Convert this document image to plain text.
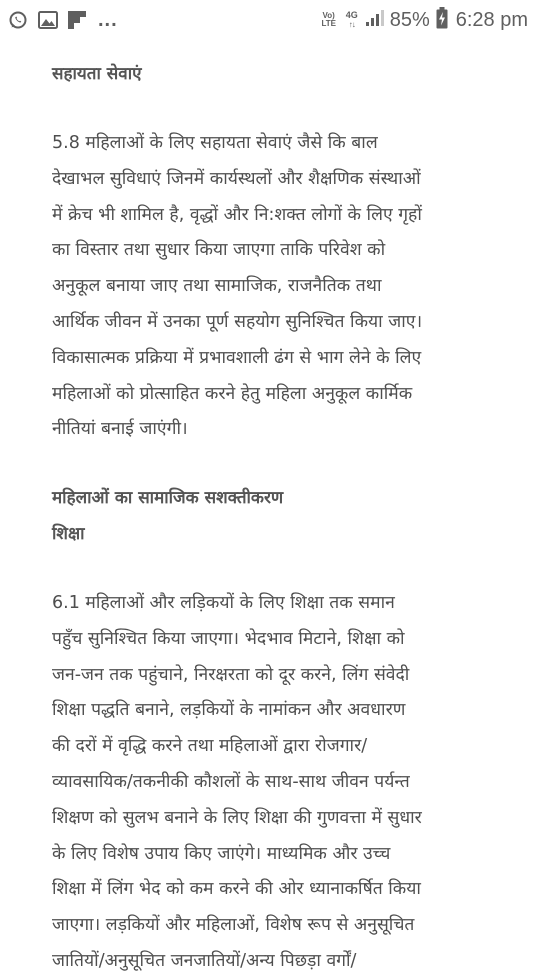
...	Vo)
LTE
4G
↑↓ 85% 6:28 pm
सहायता सेवाएं
5.8 महिलाओं के लिए सहायता सेवाएं जैसे कि बाल
देखाभल सुविधाएं जिनमें कार्यस्थलों और शैक्षणिक संस्थाओं
में क्रेच भी शामिल है, वृद्धों और नि:शक्त लोगों के लिए गृहों
का विस्तार तथा सुधार किया जाएगा ताकि परिवेश को
अनुकूल बनाया जाए तथा सामाजिक, राजनैतिक तथा
आर्थिक जीवन में उनका पूर्ण सहयोग सुनिश्चित किया जाए।
विकासात्मक प्रक्रिया में प्रभावशाली ढंग से भाग लेने के लिए
महिलाओं को प्रोत्साहित करने हेतु महिला अनुकूल कार्मिक
नीतियां बनाई जाएंगी।
महिलाओं का सामाजिक सशक्तीकरण
शिक्षा
6.1 महिलाओं और लड़िकयों के लिए शिक्षा तक समान
पहुँच सुनिश्चित किया जाएगा। भेदभाव मिटाने, शिक्षा को
जन-जन तक पहुंचाने, निरक्षरता को दूर करने, लिंग संवेदी
शिक्षा पद्धति बनाने, लड़कियों के नामांकन और अवधारण
की दरों में वृद्धि करने तथा महिलाओं द्वारा रोजगार/
व्यावसायिक/तकनीकी कौशलों के साथ-साथ जीवन पर्यन्त
शिक्षण को सुलभ बनाने के लिए शिक्षा की गुणवत्ता में सुधार
के लिए विशेष उपाय किए जाएंगे। माध्यमिक और उच्च
शिक्षा में लिंग भेद को कम करने की ओर ध्यानाकर्षित किया
जाएगा। लड़कियों और महिलाओं, विशेष रूप से अनुसूचित
जातियों/अनुसूचित जनजातियों/अन्य पिछड़ा वर्गों/
